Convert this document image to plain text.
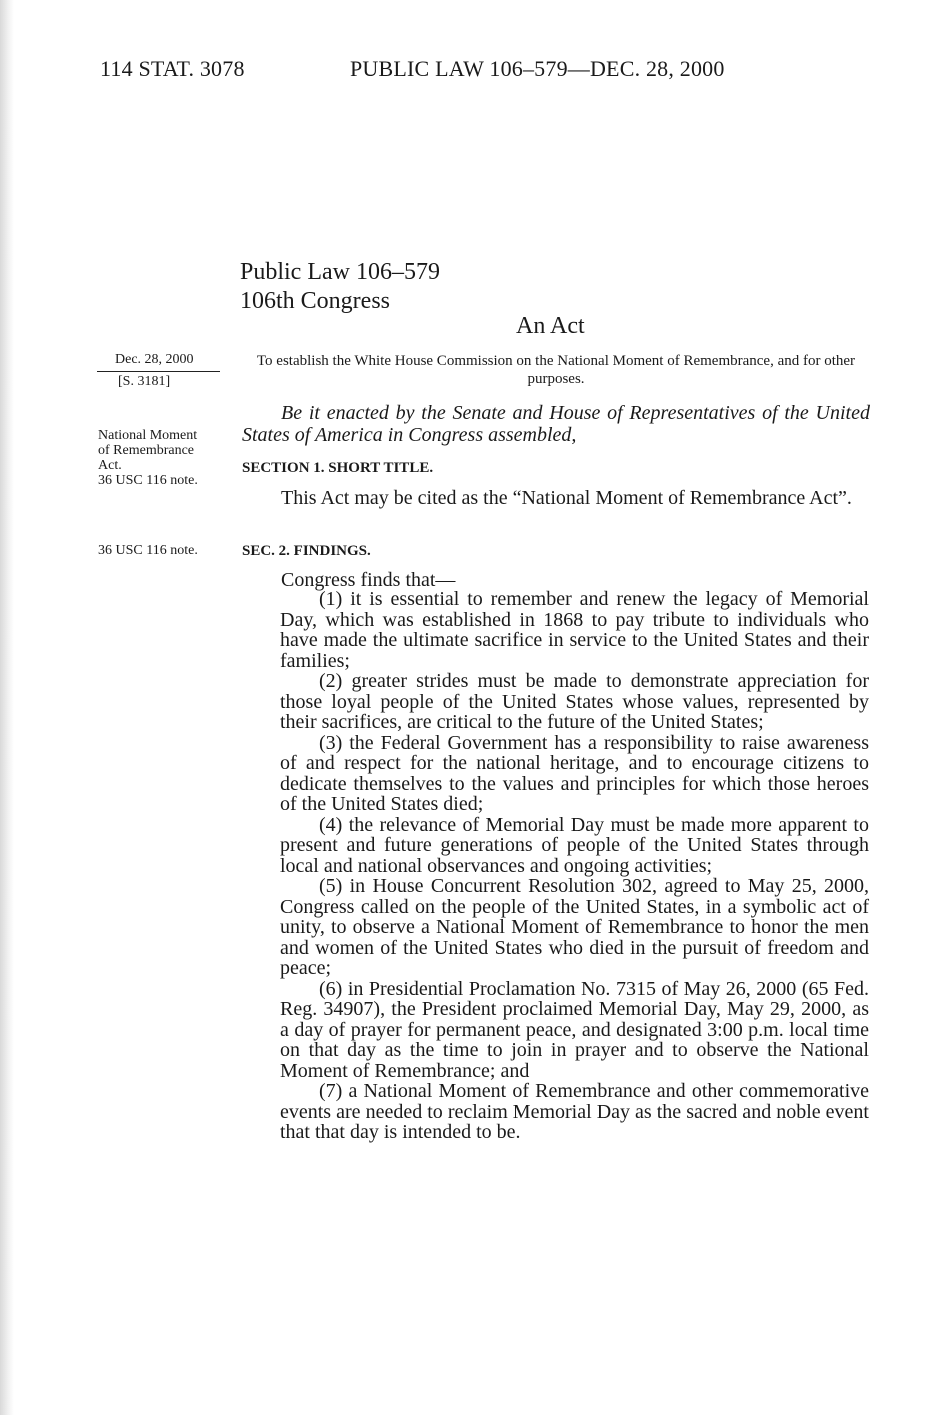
114 STAT. 3078	PUBLIC LAW 106–579—DEC. 28, 2000
Public Law 106–579
106th Congress
An Act
Dec. 28, 2000
[S. 3181]
National Moment
of Remembrance
Act.
36 USC 116 note.
36 USC 116 note.
To establish the White House Commission on the National Moment of Remembrance, and for other purposes.
Be it enacted by the Senate and House of Representatives of the United States of America in Congress assembled,
SECTION 1. SHORT TITLE.
This Act may be cited as the “National Moment of Remembrance Act”.
SEC. 2. FINDINGS.
Congress finds that—

(1) it is essential to remember and renew the legacy of Memorial Day, which was established in 1868 to pay tribute to individuals who have made the ultimate sacrifice in service to the United States and their families;

(2) greater strides must be made to demonstrate appreciation for those loyal people of the United States whose values, represented by their sacrifices, are critical to the future of the United States;

(3) the Federal Government has a responsibility to raise awareness of and respect for the national heritage, and to encourage citizens to dedicate themselves to the values and principles for which those heroes of the United States died;

(4) the relevance of Memorial Day must be made more apparent to present and future generations of people of the United States through local and national observances and ongoing activities;

(5) in House Concurrent Resolution 302, agreed to May 25, 2000, Congress called on the people of the United States, in a symbolic act of unity, to observe a National Moment of Remembrance to honor the men and women of the United States who died in the pursuit of freedom and peace;

(6) in Presidential Proclamation No. 7315 of May 26, 2000 (65 Fed. Reg. 34907), the President proclaimed Memorial Day, May 29, 2000, as a day of prayer for permanent peace, and designated 3:00 p.m. local time on that day as the time to join in prayer and to observe the National Moment of Remembrance; and

(7) a National Moment of Remembrance and other commemorative events are needed to reclaim Memorial Day as the sacred and noble event that that day is intended to be.
